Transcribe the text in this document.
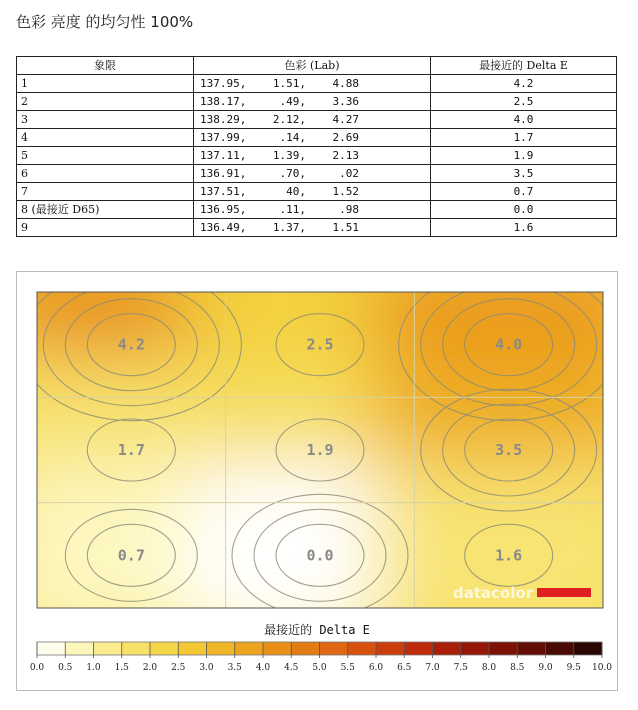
色彩 亮度 的均匀性 100%
象限	色彩 (Lab)	最接近的 Delta E
1	137.95,    1.51,    4.88	4.2
2	138.17,     .49,    3.36	2.5
3	138.29,    2.12,    4.27	4.0
4	137.99,     .14,    2.69	1.7
5	137.11,    1.39,    2.13	1.9
6	136.91,     .70,     .02	3.5
7	137.51,      40,    1.52	0.7
8 (最接近 D65)	136.95,     .11,     .98	0.0
9	136.49,    1.37,    1.51	1.6
4.2	2.5	4.0
1.7	1.9	3.5
0.7	0.0	1.6
datacolor
最接近的 Delta E
0.0 0.5 1.0 1.5 2.0 2.5 3.0 3.5 4.0 4.5 5.0 5.5 6.0 6.5 7.0 7.5 8.0 8.5 9.0 9.5 10.0
